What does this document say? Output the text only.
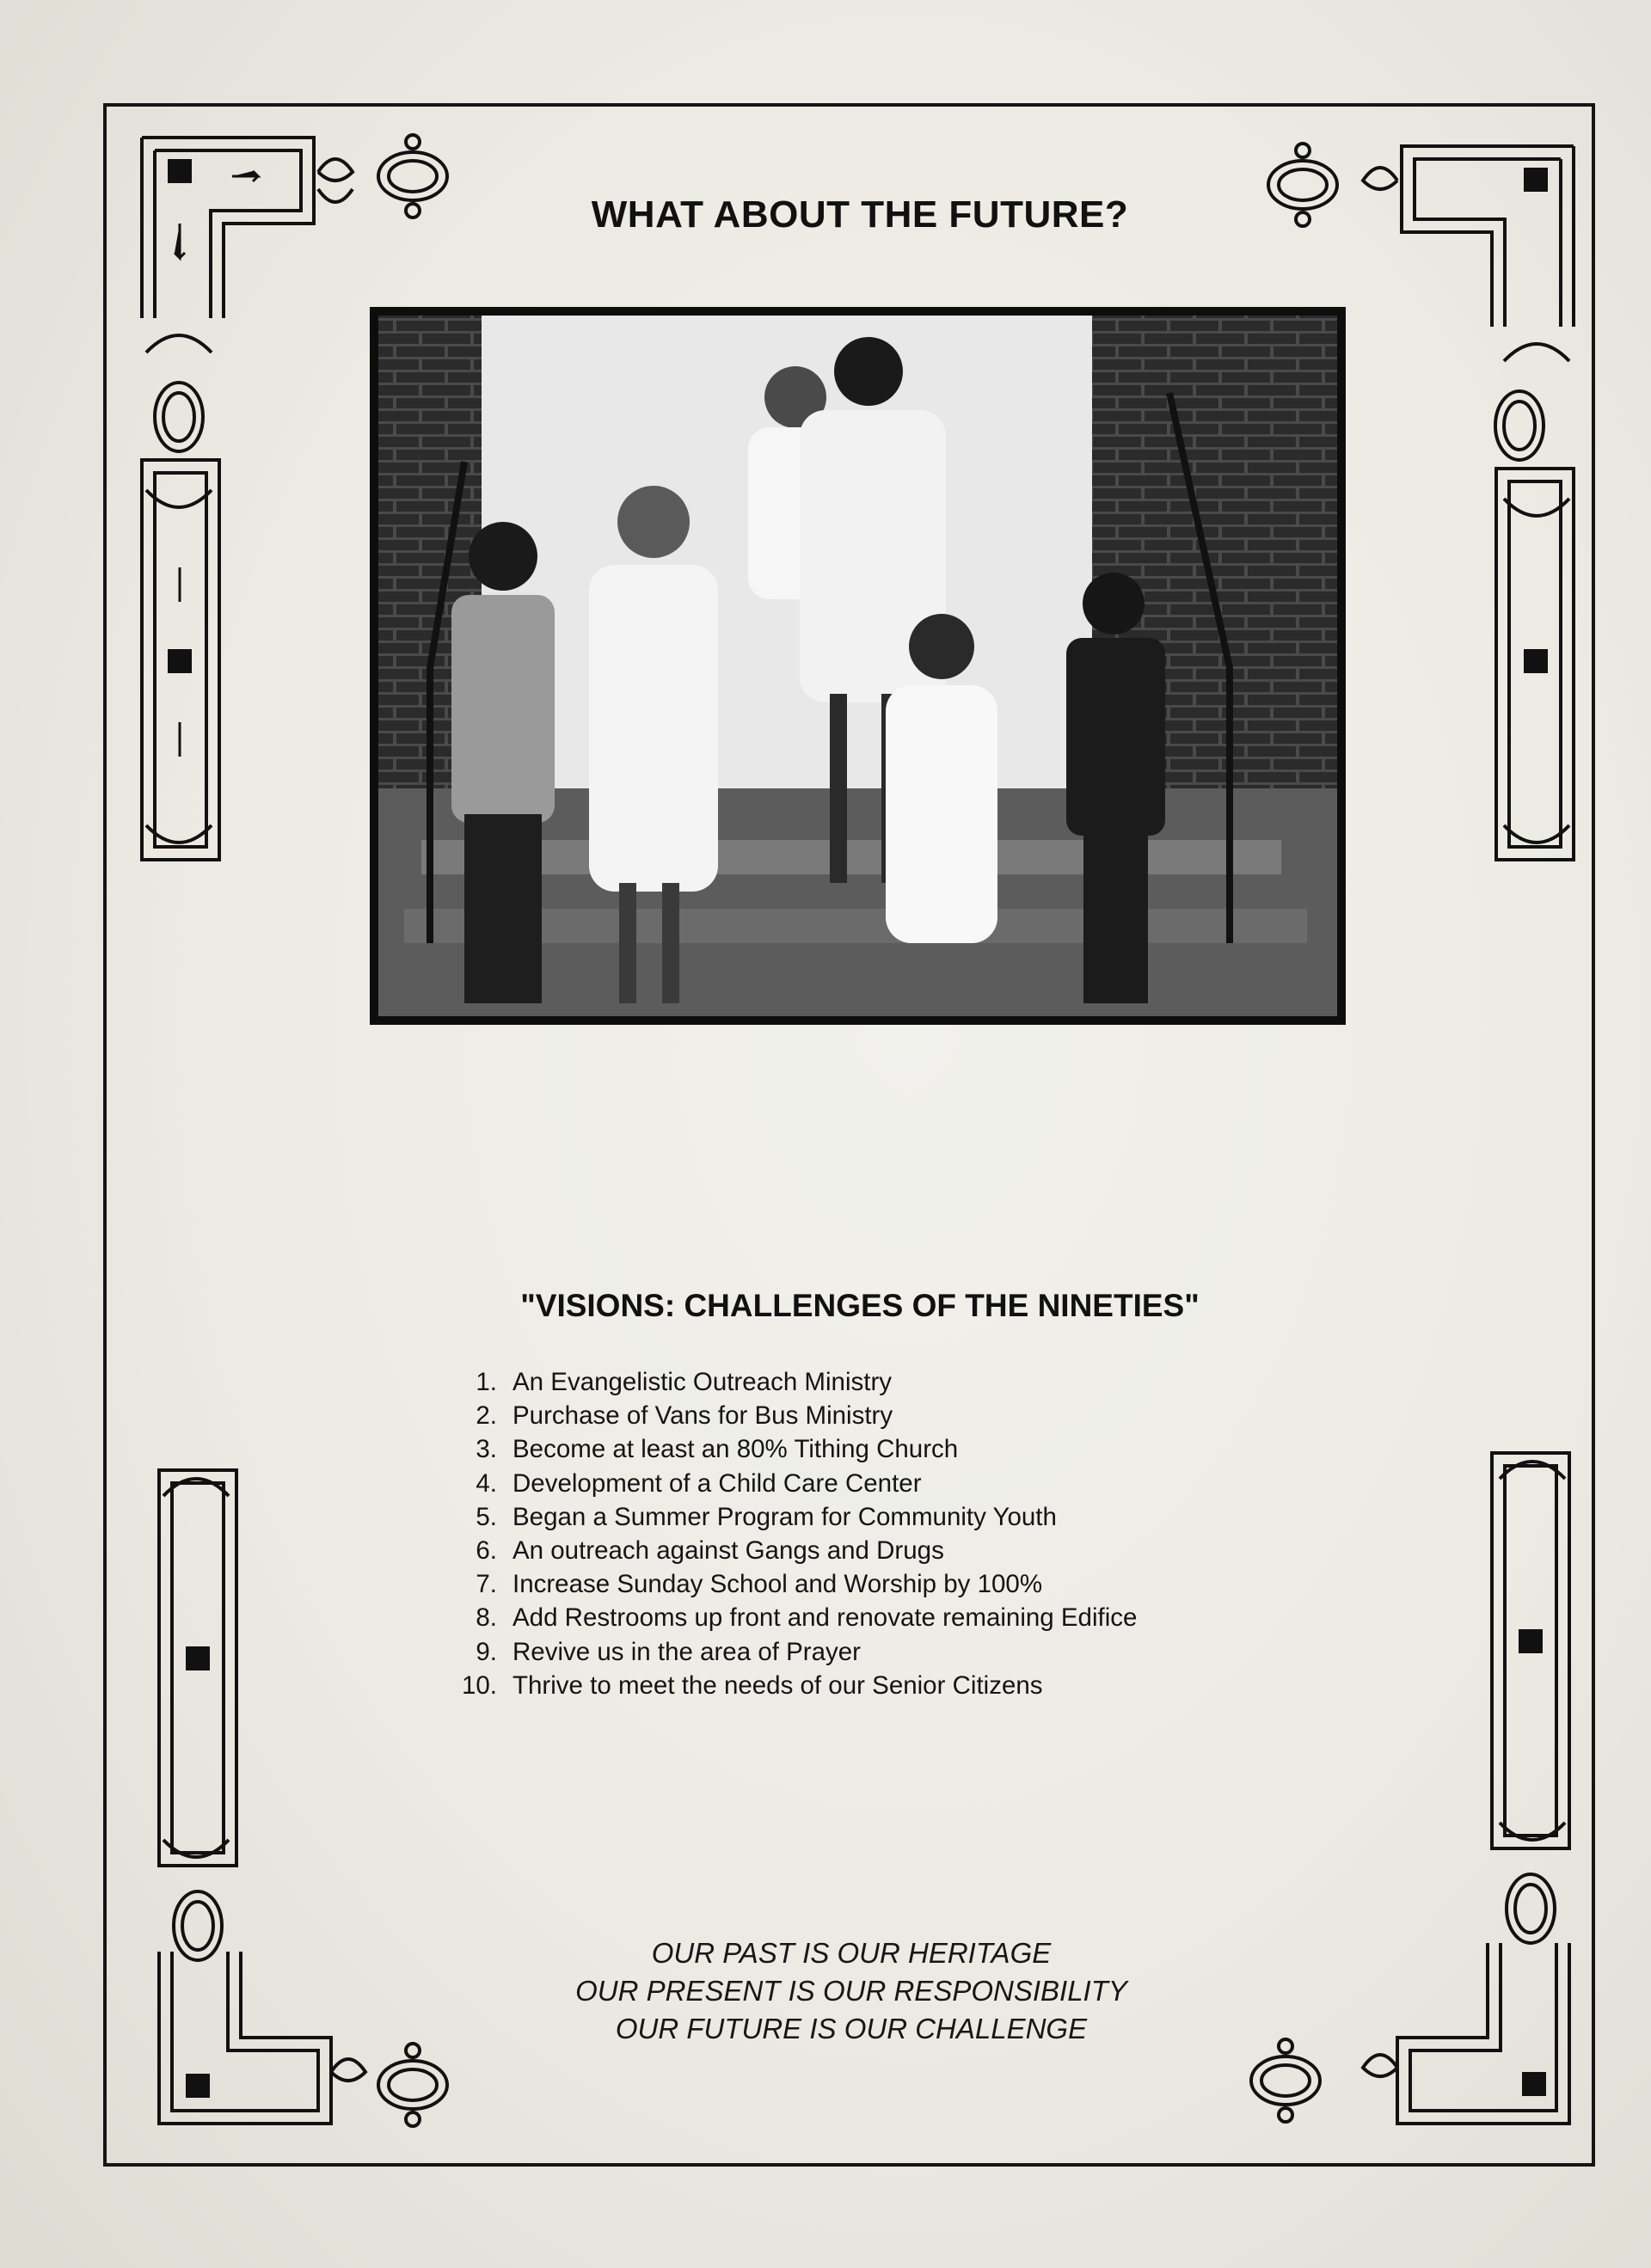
WHAT ABOUT THE FUTURE?
"VISIONS: CHALLENGES OF THE NINETIES"
1. An Evangelistic Outreach Ministry
2. Purchase of Vans for Bus Ministry
3. Become at least an 80% Tithing Church
4. Development of a Child Care Center
5. Began a Summer Program for Community Youth
6. An outreach against Gangs and Drugs
7. Increase Sunday School and Worship by 100%
8. Add Restrooms up front and renovate remaining Edifice
9. Revive us in the area of Prayer
10. Thrive to meet the needs of our Senior Citizens
OUR PAST IS OUR HERITAGE
OUR PRESENT IS OUR RESPONSIBILITY
OUR FUTURE IS OUR CHALLENGE
